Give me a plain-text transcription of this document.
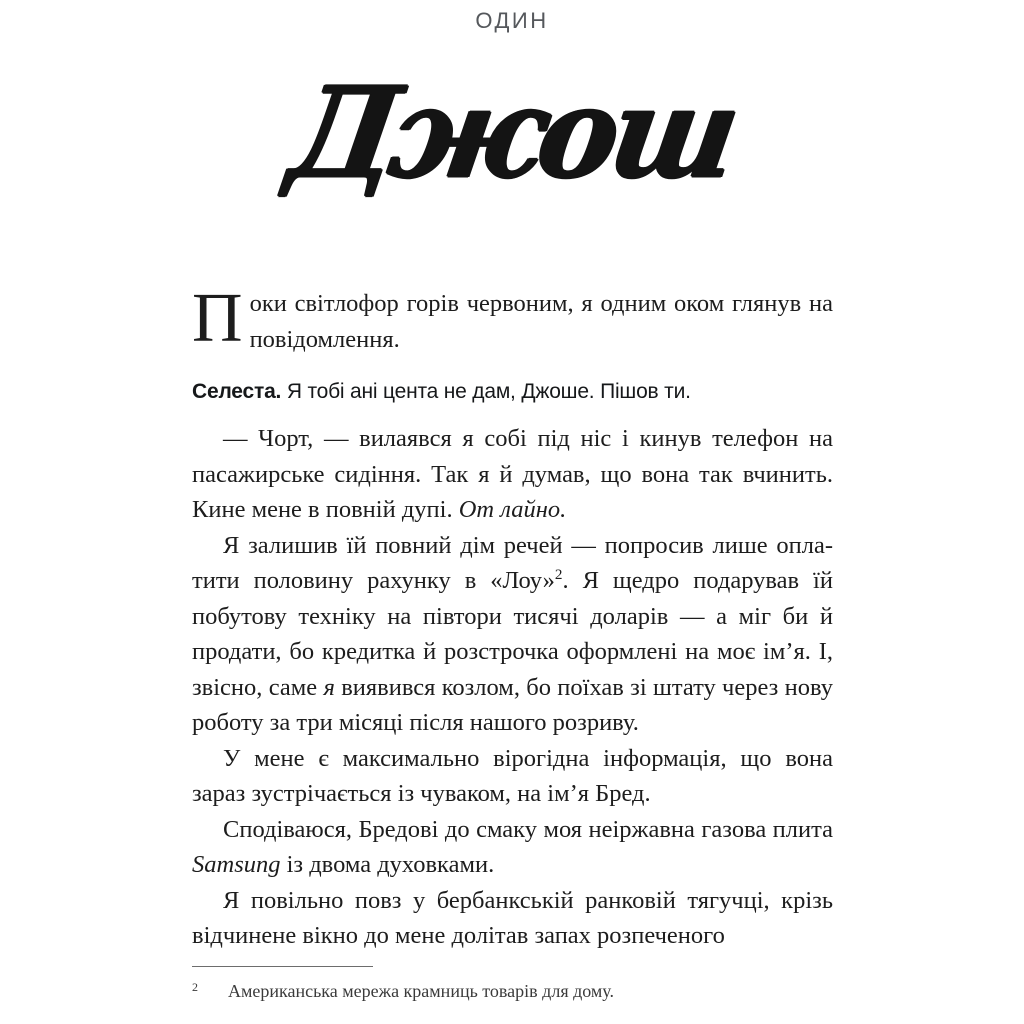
ОДИН
Джош

Поки світлофор горів червоним, я одним оком глянув на повідомлення.

Селеста. Я тобі ані цента не дам, Джоше. Пішов ти.

— Чорт, — вилаявся я собі під ніс і кинув телефон на пасажирське сидіння. Так я й думав, що вона так вчинить. Кине мене в повній дупі. От лайно.

Я залишив їй повний дім речей — попросив лише оплатити половину рахунку в «Лоу»$^2$. Я щедро подарував їй побутову техніку на півтори тисячі доларів — а міг би й продати, бо кредитка й розстрочка оформлені на моє ім’я. І, звісно, саме я виявився козлом, бо поїхав зі штату через нову роботу за три місяці після нашого розриву.

У мене є максимально вірогідна інформація, що вона зараз зустрічається із чуваком, на ім’я Бред.

Сподіваюся, Бредові до смаку моя неіржавна газова плита Samsung із двома духовками.

Я повільно повз у бербанкській ранковій тягучці, крізь відчинене вікно до мене долітав запах розпеченого

2	Американська мережа крамниць товарів для дому.
